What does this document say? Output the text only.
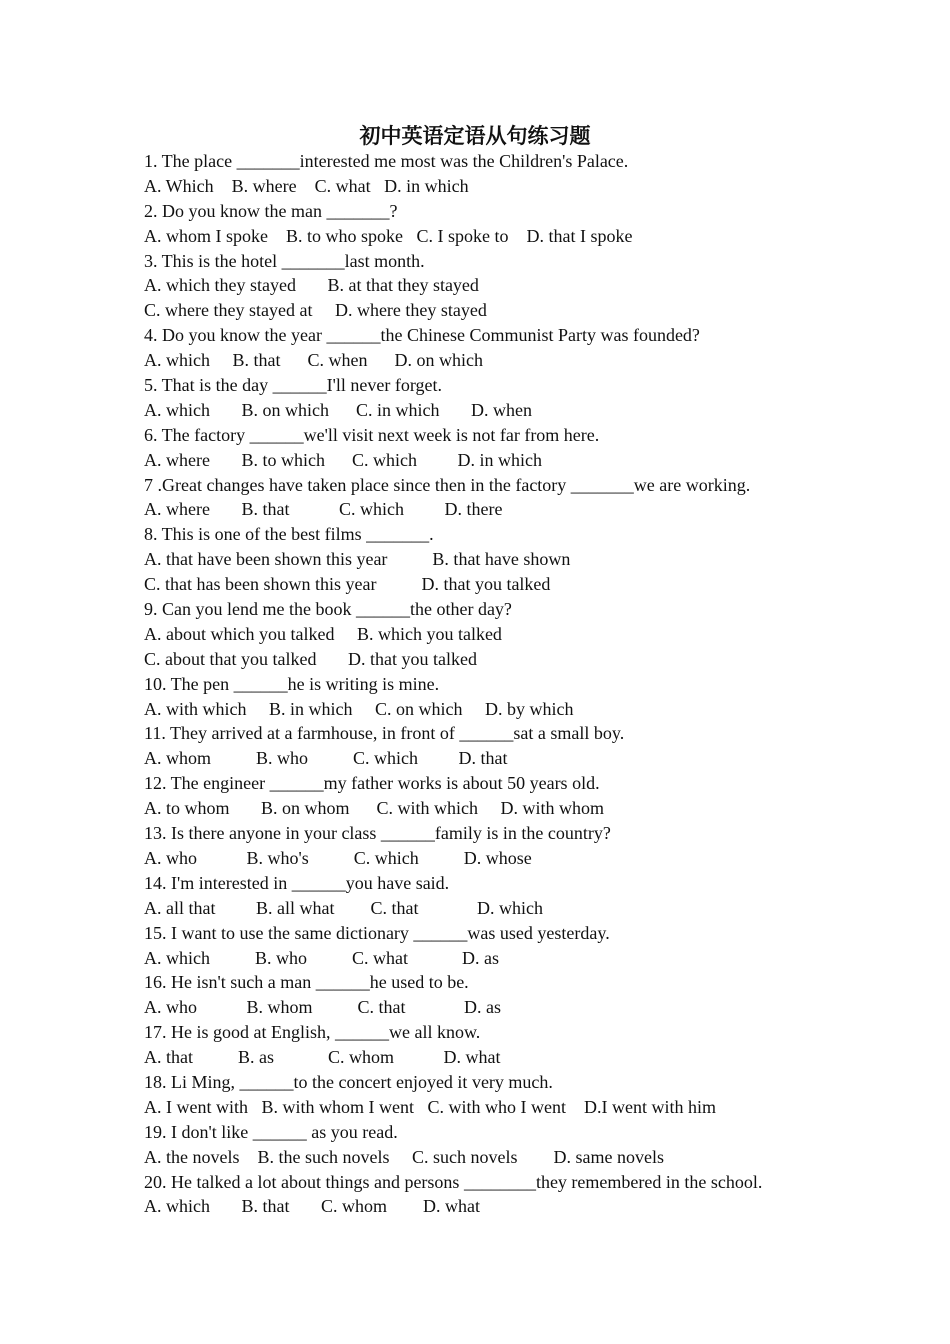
初中英语定语从句练习题
1. The place _______interested me most was the Children's Palace.
A. Which    B. where    C. what   D. in which
2. Do you know the man _______?
A. whom I spoke    B. to who spoke   C. I spoke to    D. that I spoke
3. This is the hotel _______last month.
A. which they stayed       B. at that they stayed
C. where they stayed at     D. where they stayed
4. Do you know the year ______the Chinese Communist Party was founded?
A. which     B. that      C. when      D. on which
5. That is the day ______I'll never forget.
A. which       B. on which      C. in which       D. when
6. The factory ______we'll visit next week is not far from here.
A. where       B. to which      C. which         D. in which
7 .Great changes have taken place since then in the factory _______we are working.
A. where       B. that           C. which         D. there
8. This is one of the best films _______.
A. that have been shown this year          B. that have shown
C. that has been shown this year          D. that you talked
9. Can you lend me the book ______the other day?
A. about which you talked     B. which you talked
C. about that you talked       D. that you talked
10. The pen ______he is writing is mine.
A. with which     B. in which     C. on which     D. by which
11. They arrived at a farmhouse, in front of ______sat a small boy.
A. whom          B. who          C. which         D. that
12. The engineer ______my father works is about 50 years old.
A. to whom       B. on whom      C. with which     D. with whom
13. Is there anyone in your class ______family is in the country?
A. who           B. who's          C. which          D. whose
14. I'm interested in ______you have said.
A. all that         B. all what        C. that             D. which
15. I want to use the same dictionary ______was used yesterday.
A. which          B. who          C. what            D. as
16. He isn't such a man ______he used to be.
A. who           B. whom          C. that             D. as
17. He is good at English, ______we all know.
A. that          B. as            C. whom           D. what
18. Li Ming, ______to the concert enjoyed it very much.
A. I went with   B. with whom I went   C. with who I went    D.I went with him
19. I don't like ______ as you read.
A. the novels    B. the such novels     C. such novels        D. same novels
20. He talked a lot about things and persons ________they remembered in the school.
A. which       B. that       C. whom        D. what
